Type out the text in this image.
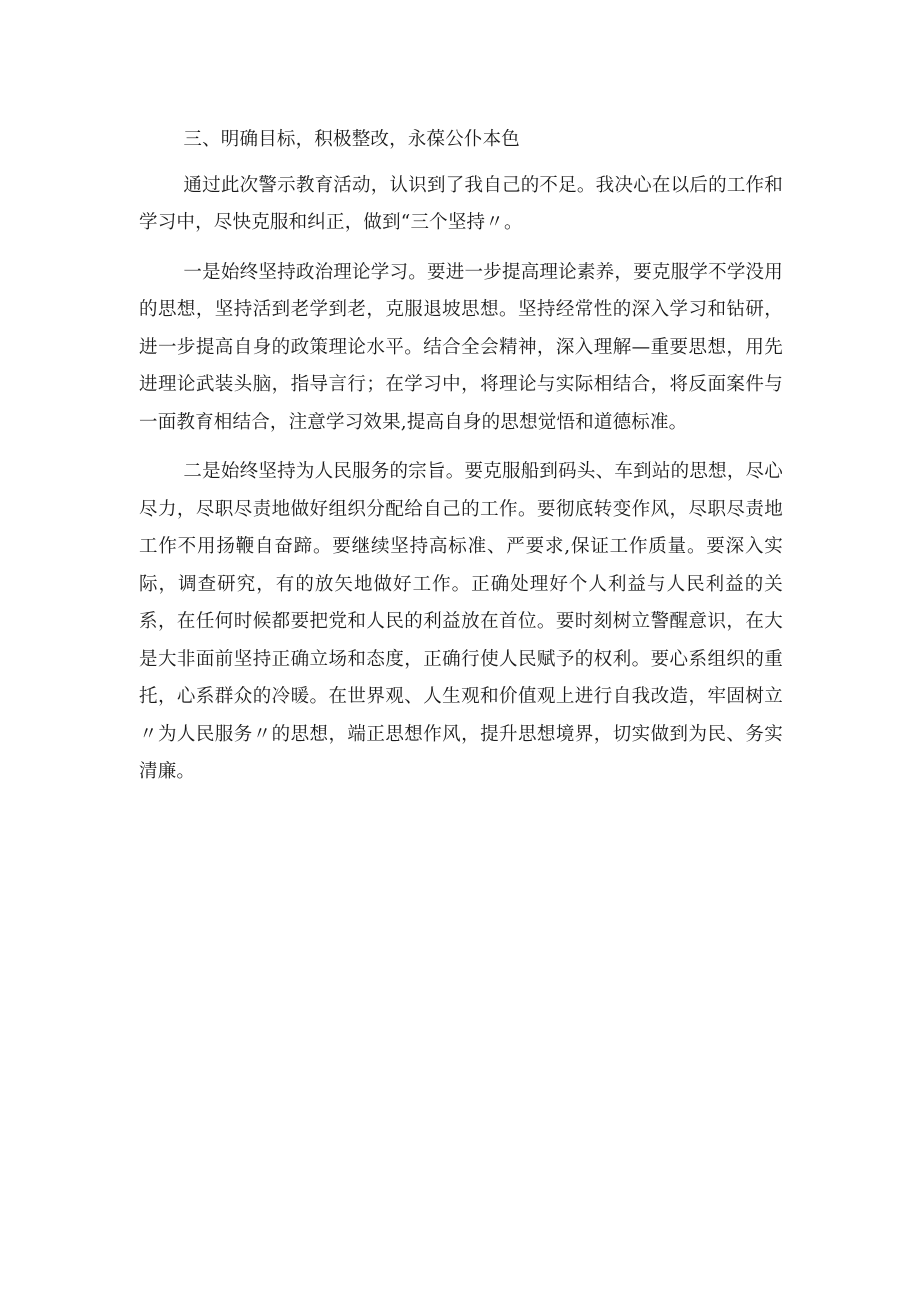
三、明确目标，积极整改，永葆公仆本色

通过此次警示教育活动，认识到了我自己的不足。我决心在以后的工作和学习中，尽快克服和纠正，做到“三个坚持〃。

一是始终坚持政治理论学习。要进一步提高理论素养，要克服学不学没用的思想，坚持活到老学到老，克服退坡思想。坚持经常性的深入学习和钻研，进一步提高自身的政策理论水平。结合全会精神，深入理解—重要思想，用先进理论武装头脑，指导言行；在学习中，将理论与实际相结合，将反面案件与一面教育相结合，注意学习效果,提高自身的思想觉悟和道德标准。

二是始终坚持为人民服务的宗旨。要克服船到码头、车到站的思想，尽心尽力，尽职尽责地做好组织分配给自己的工作。要彻底转变作风，尽职尽责地工作不用扬鞭自奋蹄。要继续坚持高标准、严要求,保证工作质量。要深入实际，调查研究，有的放矢地做好工作。正确处理好个人利益与人民利益的关系，在任何时候都要把党和人民的利益放在首位。要时刻树立警醒意识，在大是大非面前坚持正确立场和态度，正确行使人民赋予的权利。要心系组织的重托，心系群众的冷暖。在世界观、人生观和价值观上进行自我改造，牢固树立〃为人民服务〃的思想，端正思想作风，提升思想境界，切实做到为民、务实清廉。
